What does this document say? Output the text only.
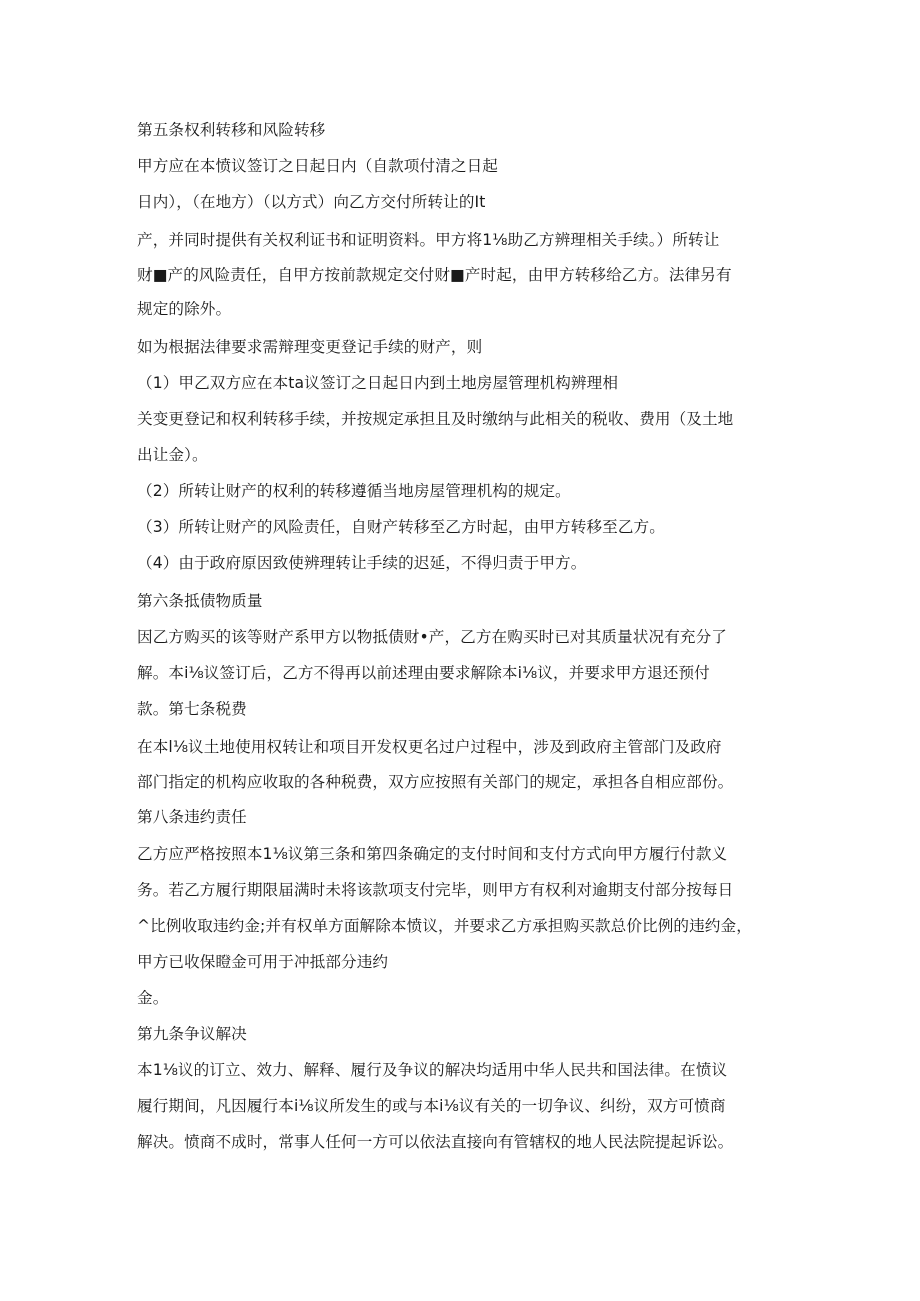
第五条权利转移和风险转移
甲方应在本愤议签订之日起日内（自款项付清之日起
日内），（在地方）（以方式）向乙方交付所转让的It
产，并同时提供有关权利证书和证明资料。甲方将1⅛助乙方辨理相关手续。）所转让
财■产的风险责任，自甲方按前款规定交付财■产时起，由甲方转移给乙方。法律另有
规定的除外。
如为根据法律要求需辩理变更登记手续的财产，则
（1）甲乙双方应在本ta议签订之日起日内到土地房屋管理机构辨理相
关变更登记和权利转移手续，并按规定承担且及时缴纳与此相关的税收、费用（及土地
出让金）。
（2）所转让财产的权利的转移遵循当地房屋管理机构的规定。
（3）所转让财产的风险责任，自财产转移至乙方时起，由甲方转移至乙方。
（4）由于政府原因致使辨理转让手续的迟延，不得归责于甲方。
第六条抵债物质量
因乙方购买的该等财产系甲方以物抵债财•产，乙方在购买时已对其质量状况有充分了
解。本i⅛议签订后，乙方不得再以前述理由要求解除本i⅛议，并要求甲方退还预付
款。第七条税费
在本l⅛议土地使用权转让和项目开发权更名过户过程中，涉及到政府主管部门及政府
部门指定的机构应收取的各种税费，双方应按照有关部门的规定，承担各自相应部份。
第八条违约责任
乙方应严格按照本1⅛议第三条和第四条确定的支付时间和支付方式向甲方履行付款义
务。若乙方履行期限届满时未将该款项支付完毕，则甲方有权利对逾期支付部分按每日
^比例收取违约金;并有权单方面解除本愤议，并要求乙方承担购买款总价比例的违约金，
甲方已收保瞪金可用于冲抵部分违约
金。
第九条争议解决
本1⅛议的订立、效力、解释、履行及争议的解决均适用中华人民共和国法律。在愤议
履行期间，凡因履行本i⅛议所发生的或与本i⅛议有关的一切争议、纠纷，双方可愤商
解决。愤商不成时，常事人任何一方可以依法直接向有管辖权的地人民法院提起诉讼。
